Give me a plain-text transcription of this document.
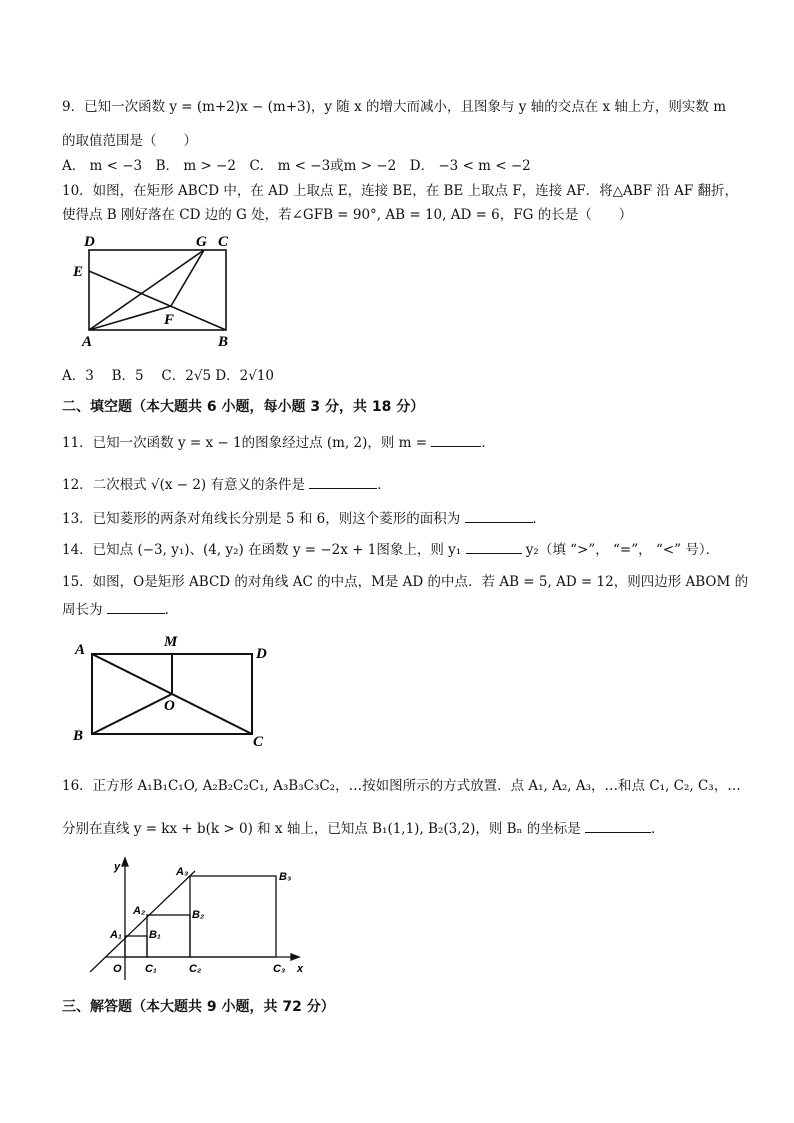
9．已知一次函数 y = (m+2)x − (m+3)，y 随 x 的增大而减小，且图象与 y 轴的交点在 x 轴上方，则实数 m
的取值范围是（　　）
A． m < −3　B． m > −2　C． m < −3或m > −2　D． −3 < m < −2
10．如图，在矩形 ABCD 中，在 AD 上取点 E，连接 BE，在 BE 上取点 F，连接 AF．将△ABF 沿 AF 翻折，
使得点 B 刚好落在 CD 边的 G 处，若∠GFB = 90°, AB = 10, AD = 6，FG 的长是（　　）
D	G C
E
F
A	B
A．3　 B．5　 C．2√5 D．2√10
二、填空题（本大题共 6 小题，每小题 3 分，共 18 分）
11．已知一次函数 y = x − 1的图象经过点 (m, 2)，则 m =	．
12．二次根式 √(x − 2) 有意义的条件是	．
13．已知菱形的两条对角线长分别是 5 和 6，则这个菱形的面积为	．
14．已知点 (−3, y₁)、(4, y₂) 在函数 y = −2x + 1图象上，则 y₁	y₂（填 “>”， “=”， “<” 号）．
15．如图，O是矩形 ABCD 的对角线 AC 的中点，M是 AD 的中点．若 AB = 5, AD = 12，则四边形 ABOM 的
周长为	．
A	M
D
O
B	C
16．正方形 A₁B₁C₁O, A₂B₂C₂C₁, A₃B₃C₃C₂，…按如图所示的方式放置．点 A₁, A₂, A₃，…和点 C₁, C₂, C₃，…
分别在直线 y = kx + b(k > 0) 和 x 轴上，已知点 B₁(1,1), B₂(3,2)，则 Bₙ 的坐标是	．
y
x
O
A₁
A₂
A₃
B₁
B₂
B₃
C₁	C₂	C₃
三、解答题（本大题共 9 小题，共 72 分）
